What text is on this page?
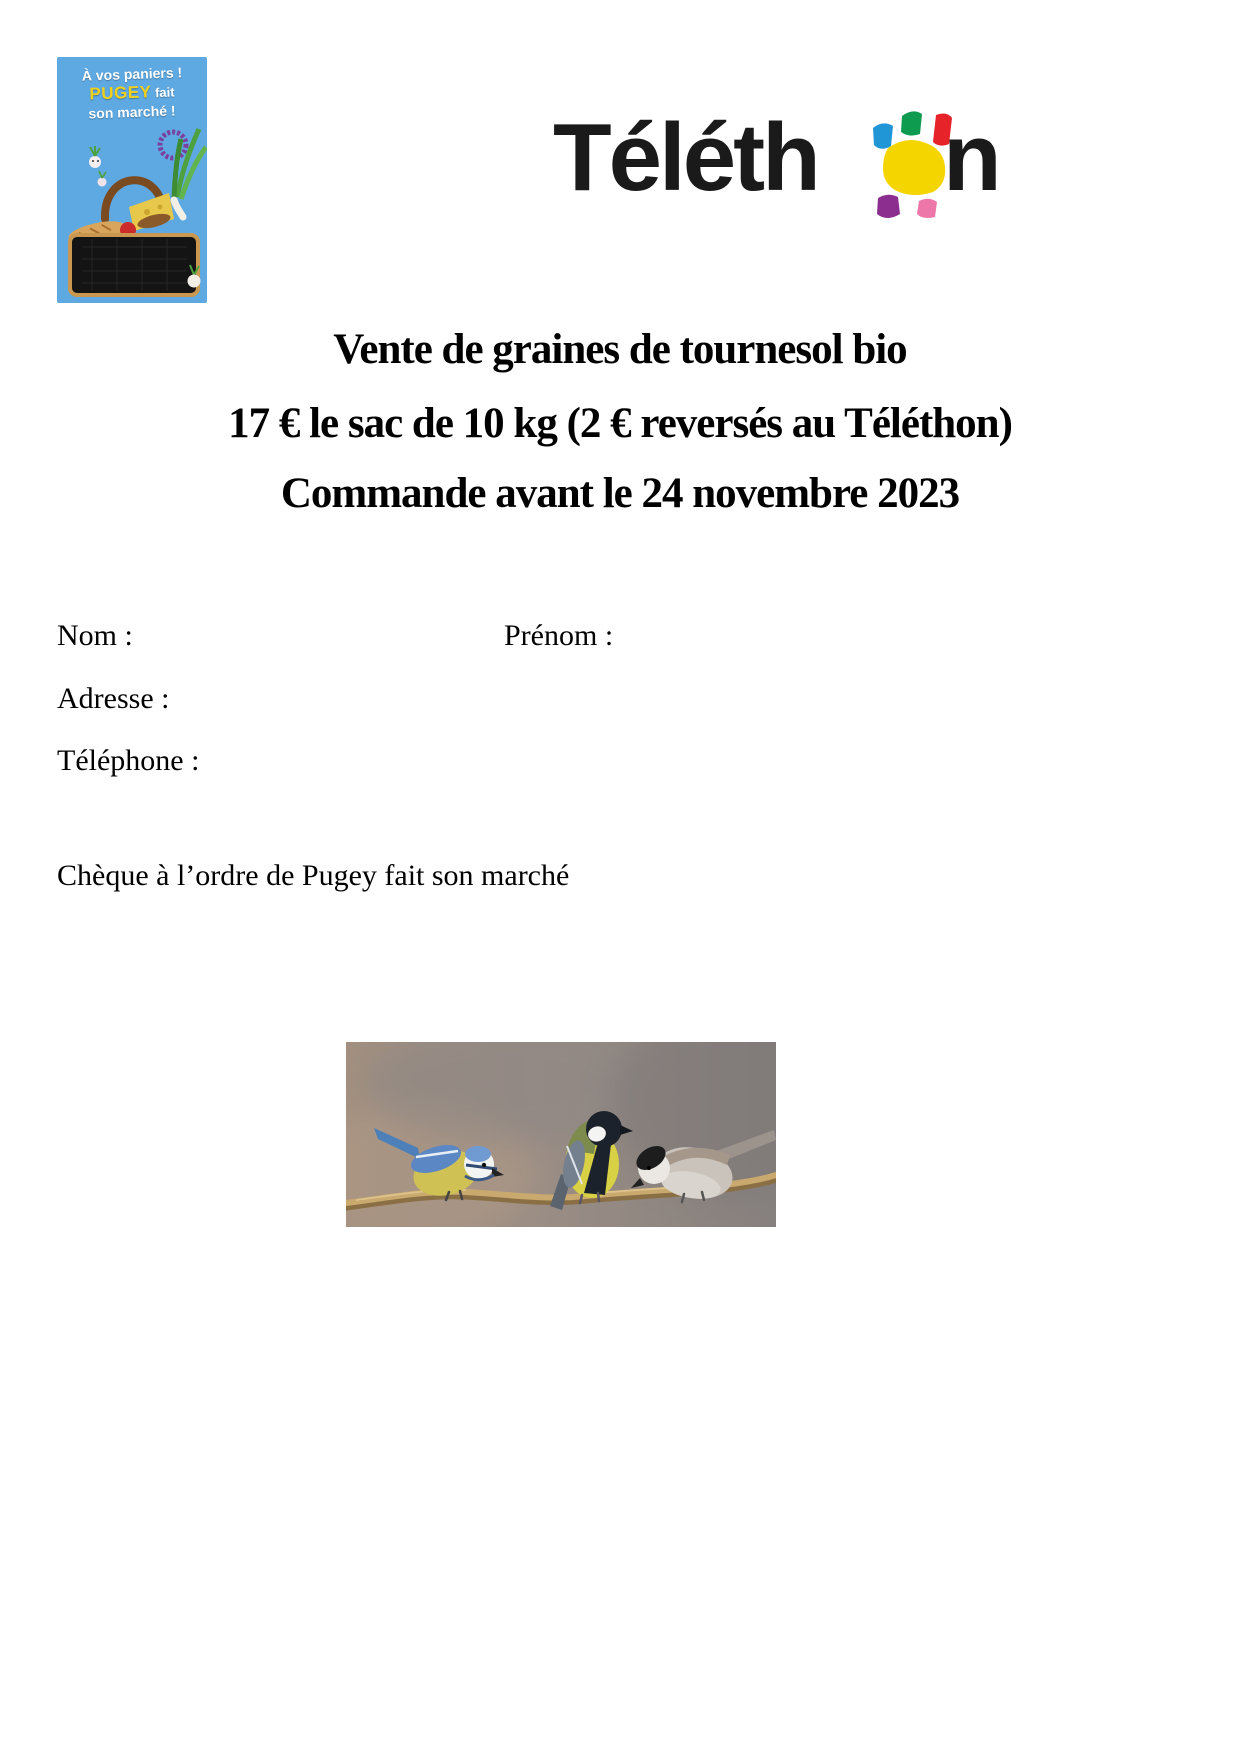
À vos paniers !
PUGEY fait
son marché !	Téléth n
Vente de graines de tournesol bio
17 € le sac de 10 kg (2 € reversés au Téléthon)
Commande avant le 24 novembre 2023
Nom :	Prénom :
Adresse :
Téléphone :
Chèque à l’ordre de Pugey fait son marché
